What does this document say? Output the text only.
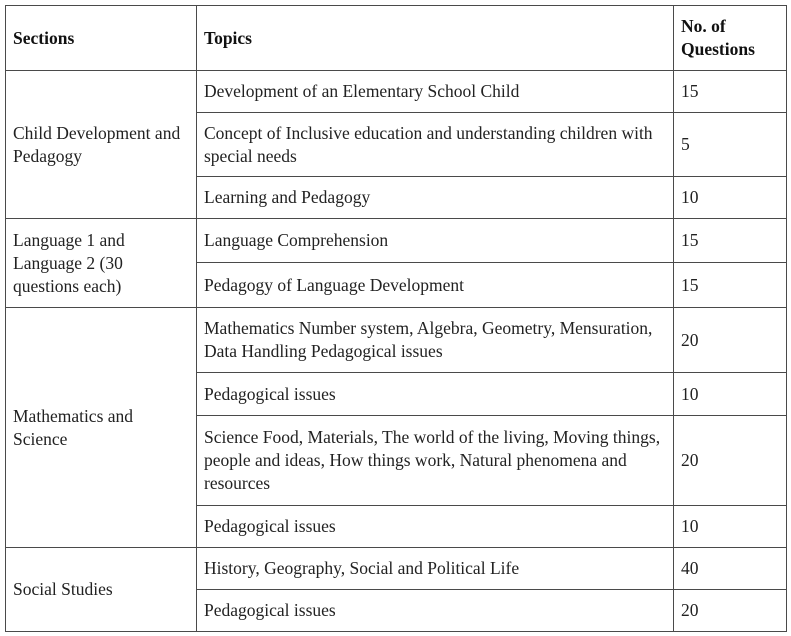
Sections	Topics	No. of Questions
Child Development and Pedagogy	Development of an Elementary School Child	15
	Concept of Inclusive education and understanding children with special needs	5
	Learning and Pedagogy	10
Language 1 and Language 2 (30 questions each)	Language Comprehension	15
	Pedagogy of Language Development	15
Mathematics and Science	Mathematics Number system, Algebra, Geometry, Mensuration, Data Handling Pedagogical issues	20
	Pedagogical issues	10
	Science Food, Materials, The world of the living, Moving things, people and ideas, How things work, Natural phenomena and resources	20
	Pedagogical issues	10
Social Studies	History, Geography, Social and Political Life	40
	Pedagogical issues	20
